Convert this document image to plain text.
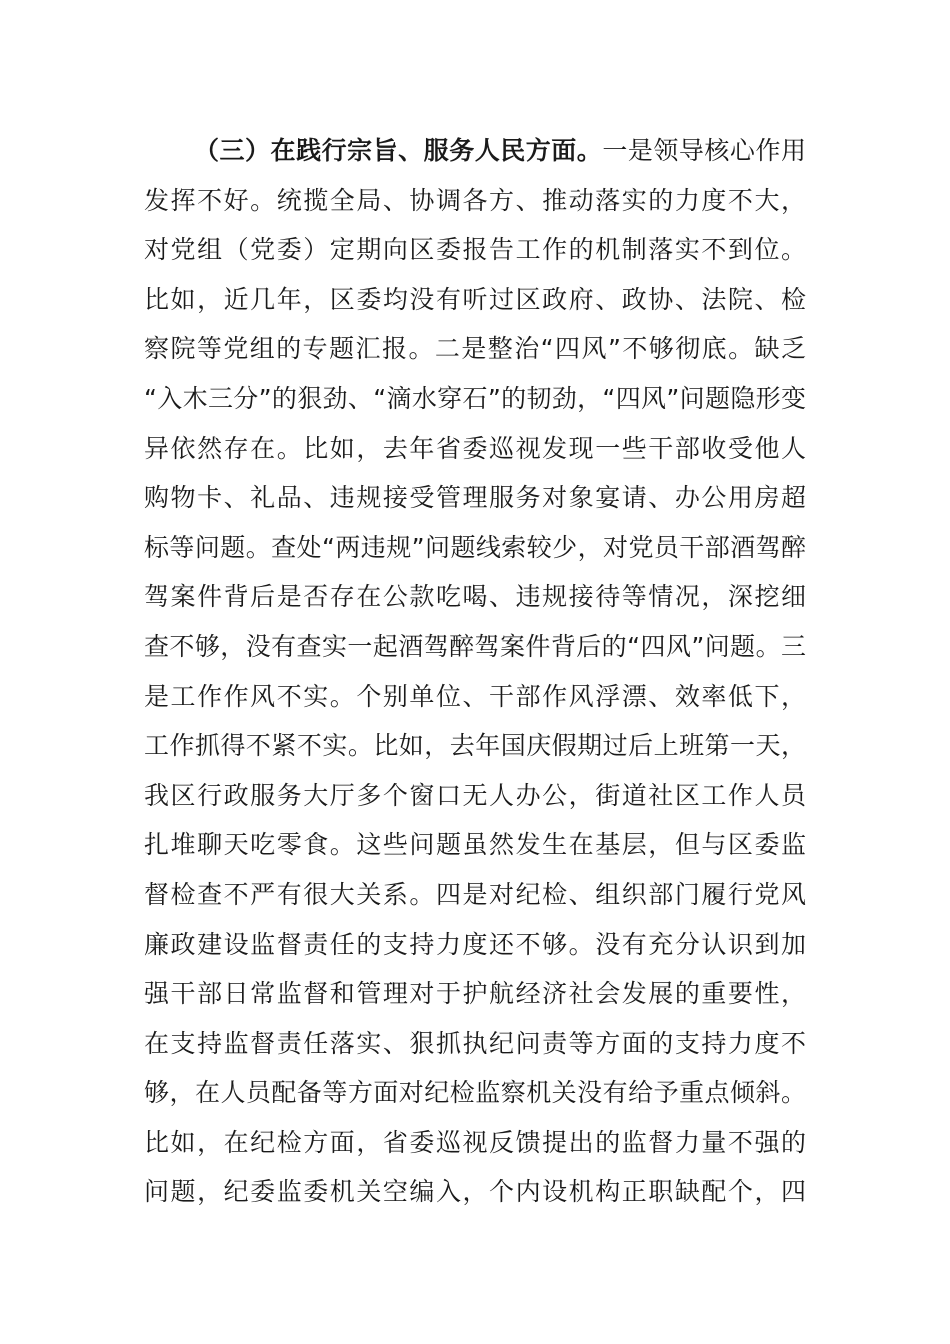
（三）在践行宗旨、服务人民方面。一是领导核心作用
发挥不好。统揽全局、协调各方、推动落实的力度不大，
对党组（党委）定期向区委报告工作的机制落实不到位。
比如，近几年，区委均没有听过区政府、政协、法院、检
察院等党组的专题汇报。二是整治“四风”不够彻底。缺乏
“入木三分”的狠劲、“滴水穿石”的韧劲，“四风”问题隐形变
异依然存在。比如，去年省委巡视发现一些干部收受他人
购物卡、礼品、违规接受管理服务对象宴请、办公用房超
标等问题。查处“两违规”问题线索较少，对党员干部酒驾醉
驾案件背后是否存在公款吃喝、违规接待等情况，深挖细
查不够，没有查实一起酒驾醉驾案件背后的“四风”问题。三
是工作作风不实。个别单位、干部作风浮漂、效率低下，
工作抓得不紧不实。比如，去年国庆假期过后上班第一天，
我区行政服务大厅多个窗口无人办公，街道社区工作人员
扎堆聊天吃零食。这些问题虽然发生在基层，但与区委监
督检查不严有很大关系。四是对纪检、组织部门履行党风
廉政建设监督责任的支持力度还不够。没有充分认识到加
强干部日常监督和管理对于护航经济社会发展的重要性，
在支持监督责任落实、狠抓执纪问责等方面的支持力度不
够，在人员配备等方面对纪检监察机关没有给予重点倾斜。
比如，在纪检方面，省委巡视反馈提出的监督力量不强的
问题，纪委监委机关空编入，个内设机构正职缺配个，四
